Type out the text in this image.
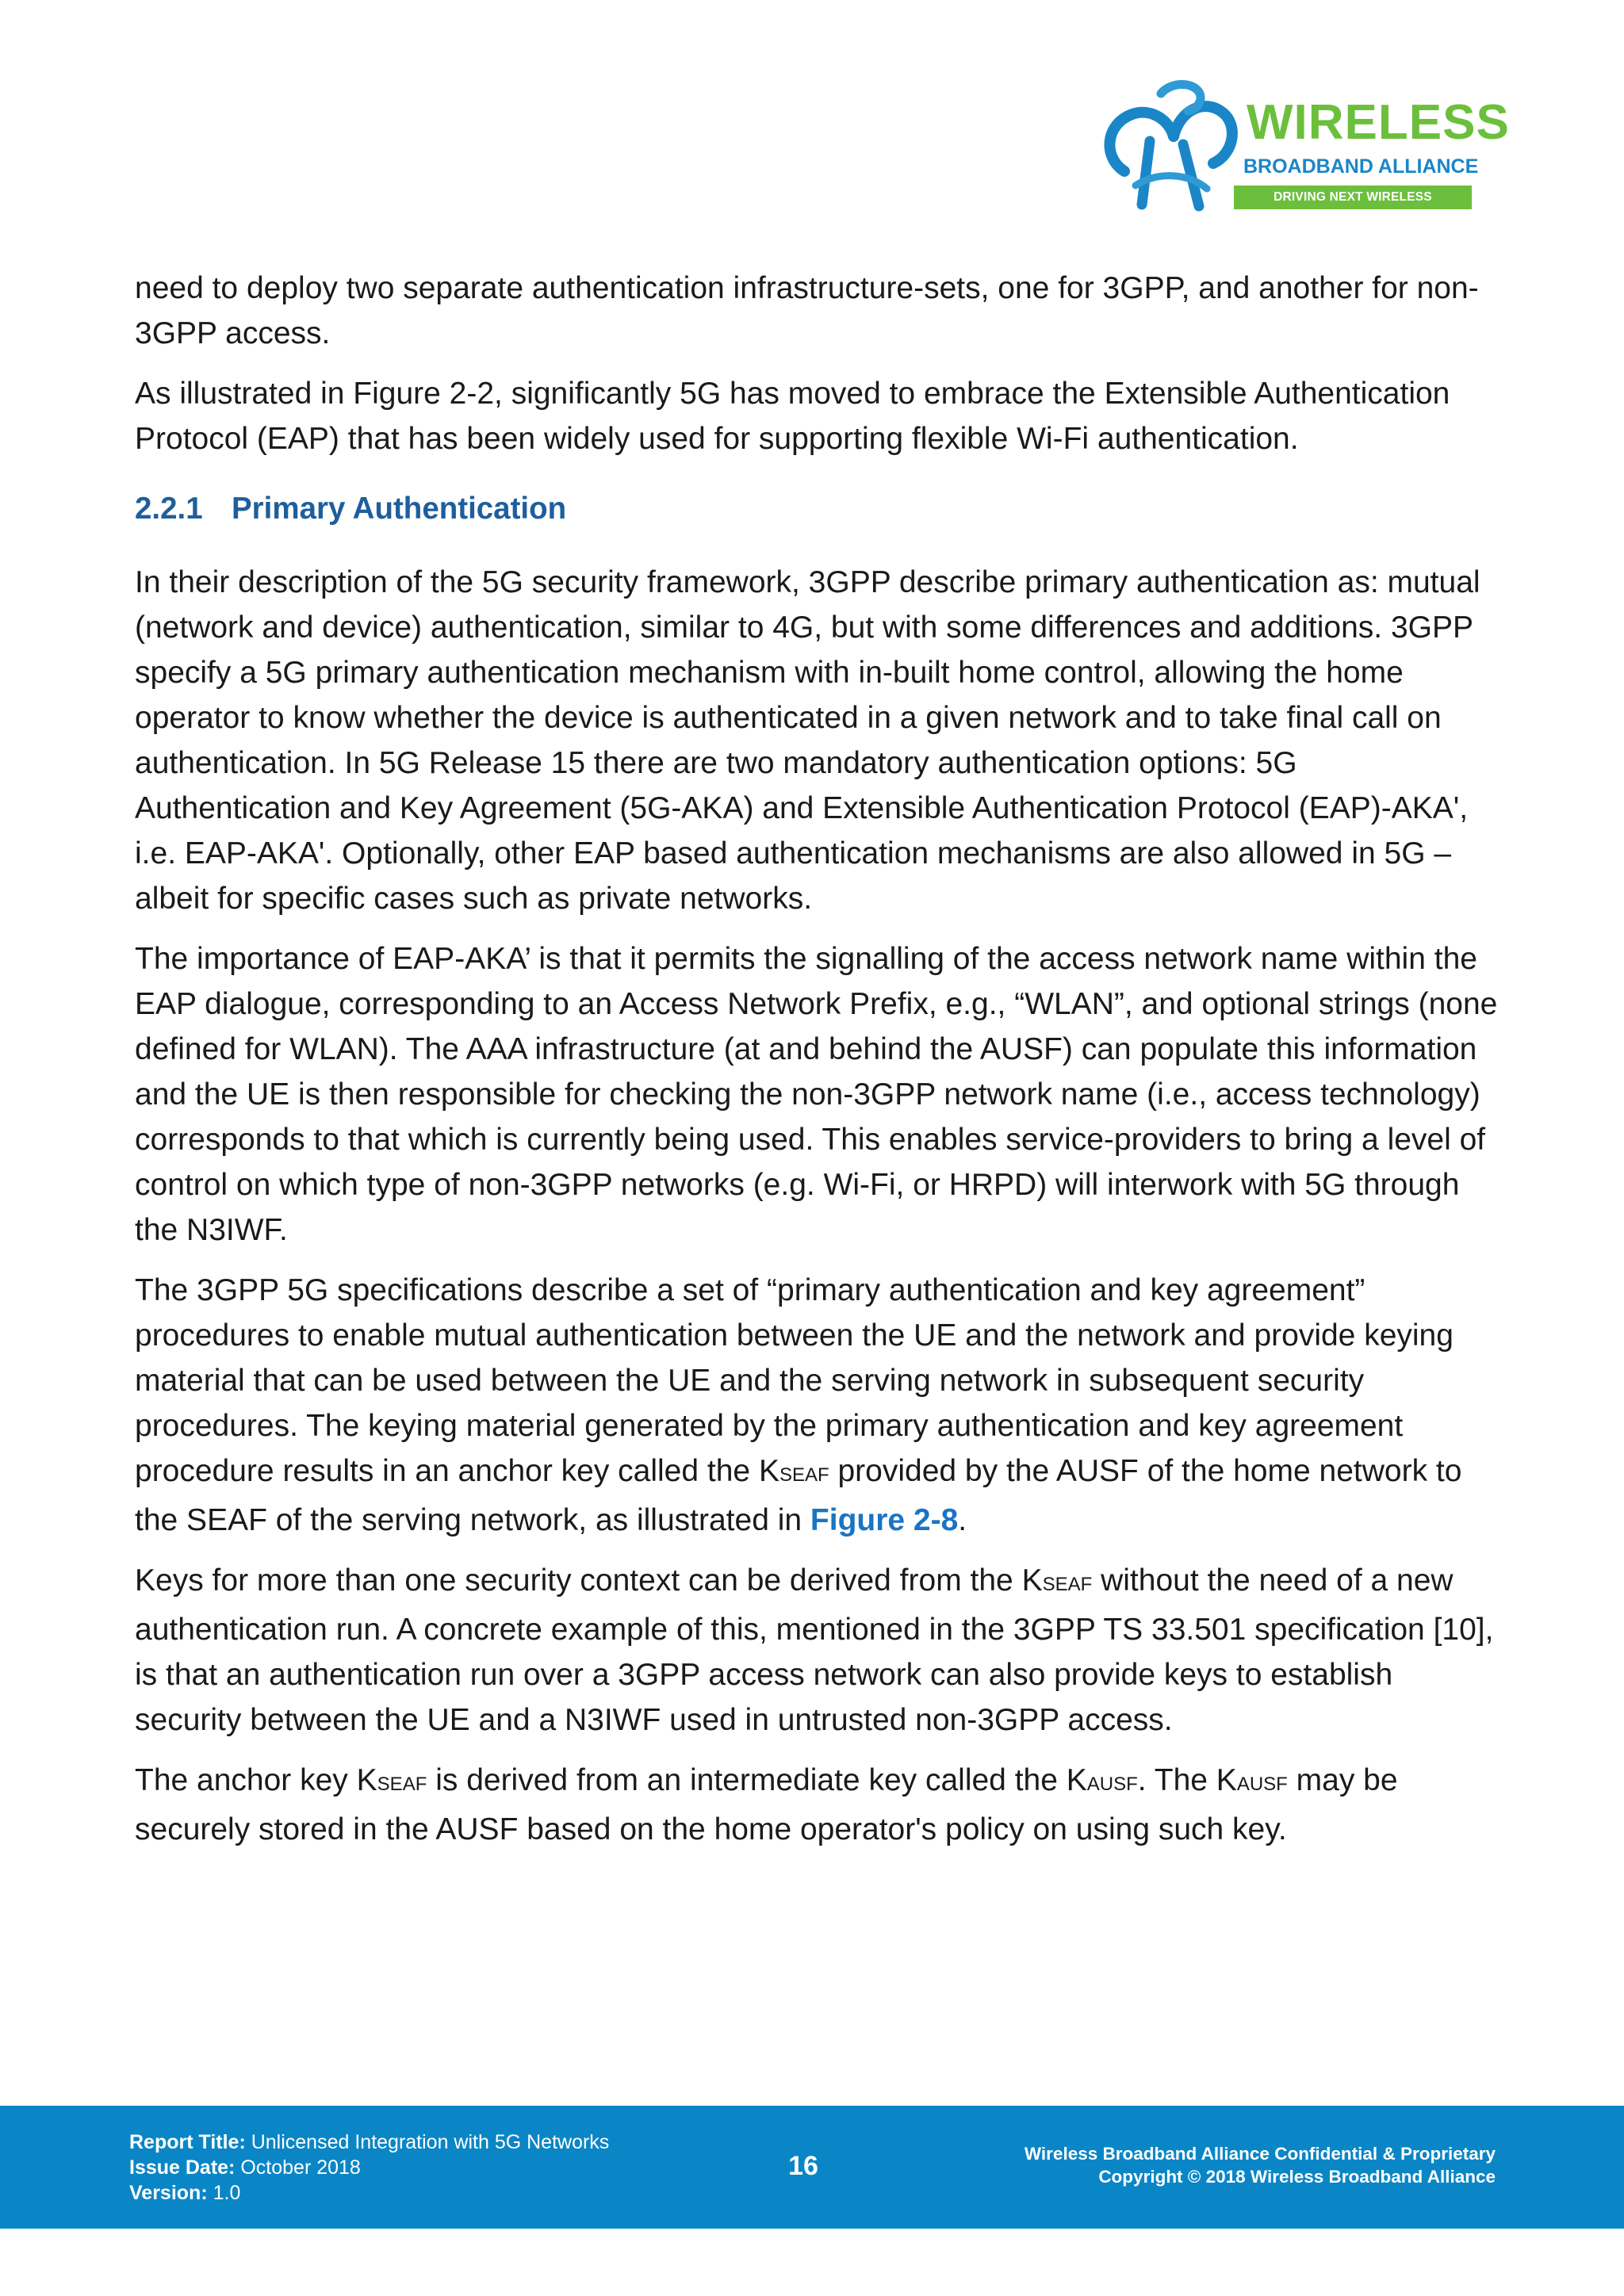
WIRELESS
BROADBAND ALLIANCE
DRIVING NEXT WIRELESS EXPERIENCE

need to deploy two separate authentication infrastructure-sets, one for 3GPP, and another for non-3GPP access.

As illustrated in Figure 2-2, significantly 5G has moved to embrace the Extensible Authentication Protocol (EAP) that has been widely used for supporting flexible Wi-Fi authentication.

2.2.1 Primary Authentication

In their description of the 5G security framework, 3GPP describe primary authentication as: mutual (network and device) authentication, similar to 4G, but with some differences and additions. 3GPP specify a 5G primary authentication mechanism with in-built home control, allowing the home operator to know whether the device is authenticated in a given network and to take final call on authentication. In 5G Release 15 there are two mandatory authentication options: 5G Authentication and Key Agreement (5G-AKA) and Extensible Authentication Protocol (EAP)-AKA', i.e. EAP-AKA'. Optionally, other EAP based authentication mechanisms are also allowed in 5G – albeit for specific cases such as private networks.

The importance of EAP-AKA’ is that it permits the signalling of the access network name within the EAP dialogue, corresponding to an Access Network Prefix, e.g., “WLAN”, and optional strings (none defined for WLAN). The AAA infrastructure (at and behind the AUSF) can populate this information and the UE is then responsible for checking the non-3GPP network name (i.e., access technology) corresponds to that which is currently being used. This enables service-providers to bring a level of control on which type of non-3GPP networks (e.g. Wi-Fi, or HRPD) will interwork with 5G through the N3IWF.

The 3GPP 5G specifications describe a set of “primary authentication and key agreement” procedures to enable mutual authentication between the UE and the network and provide keying material that can be used between the UE and the serving network in subsequent security procedures. The keying material generated by the primary authentication and key agreement procedure results in an anchor key called the KSEAF provided by the AUSF of the home network to the SEAF of the serving network, as illustrated in Figure 2-8.

Keys for more than one security context can be derived from the KSEAF without the need of a new authentication run. A concrete example of this, mentioned in the 3GPP TS 33.501 specification [10], is that an authentication run over a 3GPP access network can also provide keys to establish security between the UE and a N3IWF used in untrusted non-3GPP access.

The anchor key KSEAF is derived from an intermediate key called the KAUSF. The KAUSF may be securely stored in the AUSF based on the home operator's policy on using such key.

Report Title: Unlicensed Integration with 5G Networks
Issue Date: October 2018
Version: 1.0
16	Wireless Broadband Alliance Confidential & Proprietary
Copyright © 2018 Wireless Broadband Alliance
